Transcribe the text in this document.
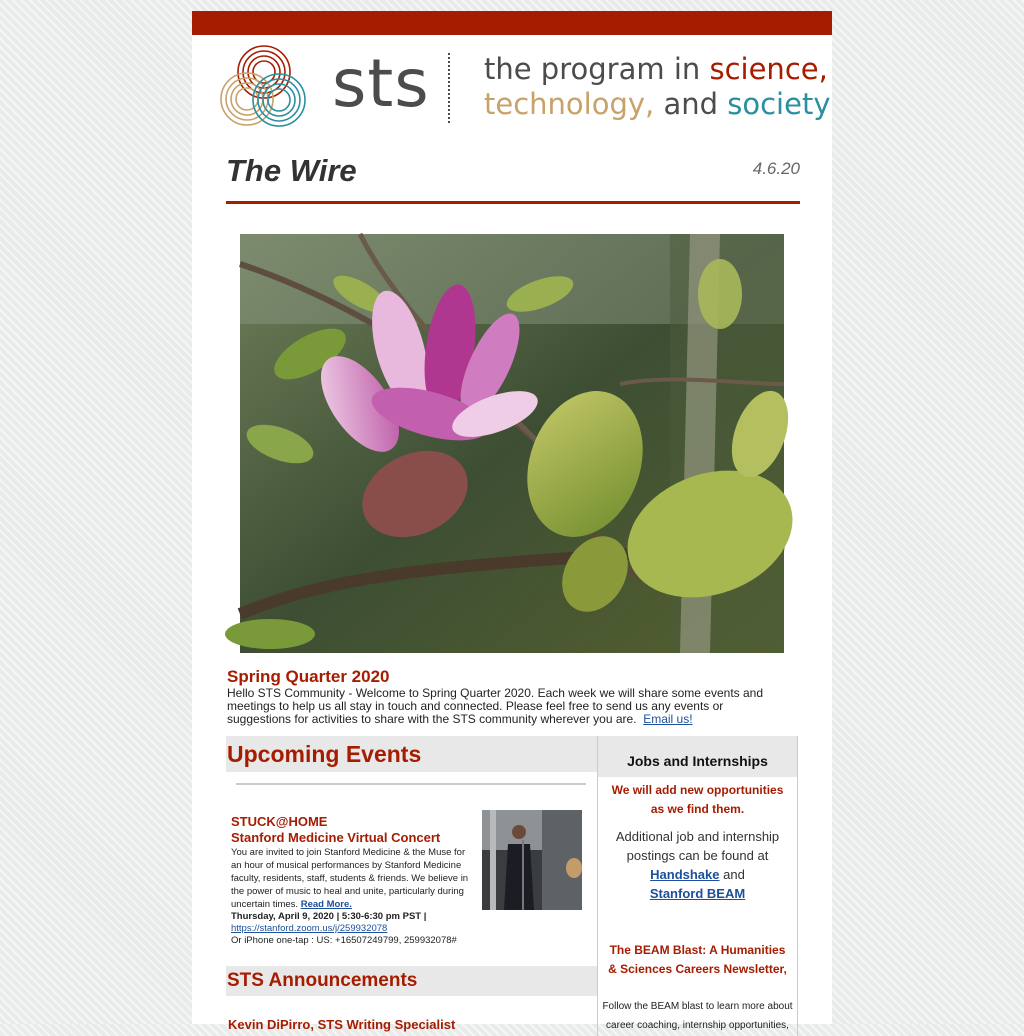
sts the program in science,
technology, and society
The Wire	4.6.20
Spring Quarter 2020

Hello STS Community - Welcome to Spring Quarter 2020. Each week we will share some events and meetings to help us all stay in touch and connected. Please feel free to send us any events or suggestions for activities to share with the STS community wherever you are. Email us!

Upcoming Events
STUCK@HOME
Stanford Medicine Virtual Concert
You are invited to join Stanford Medicine & the Muse for an hour of musical performances by Stanford Medicine faculty, residents, staff, students & friends. We believe in the power of music to heal and unite, particularly during uncertain times. Read More.
Thursday, April 9, 2020 | 5:30-6:30 pm PST |
https://stanford.zoom.us/j/259932078
Or iPhone one-tap : US: +16507249799, 259932078#
STS Announcements
Kevin DiPirro, STS Writing Specialist
Jobs and Internships
We will add new opportunities as we find them.
Additional job and internship postings can be found at Handshake and
Stanford BEAM
The BEAM Blast: A Humanities & Sciences Careers Newsletter,
Follow the BEAM blast to learn more about career coaching, internship opportunities,
